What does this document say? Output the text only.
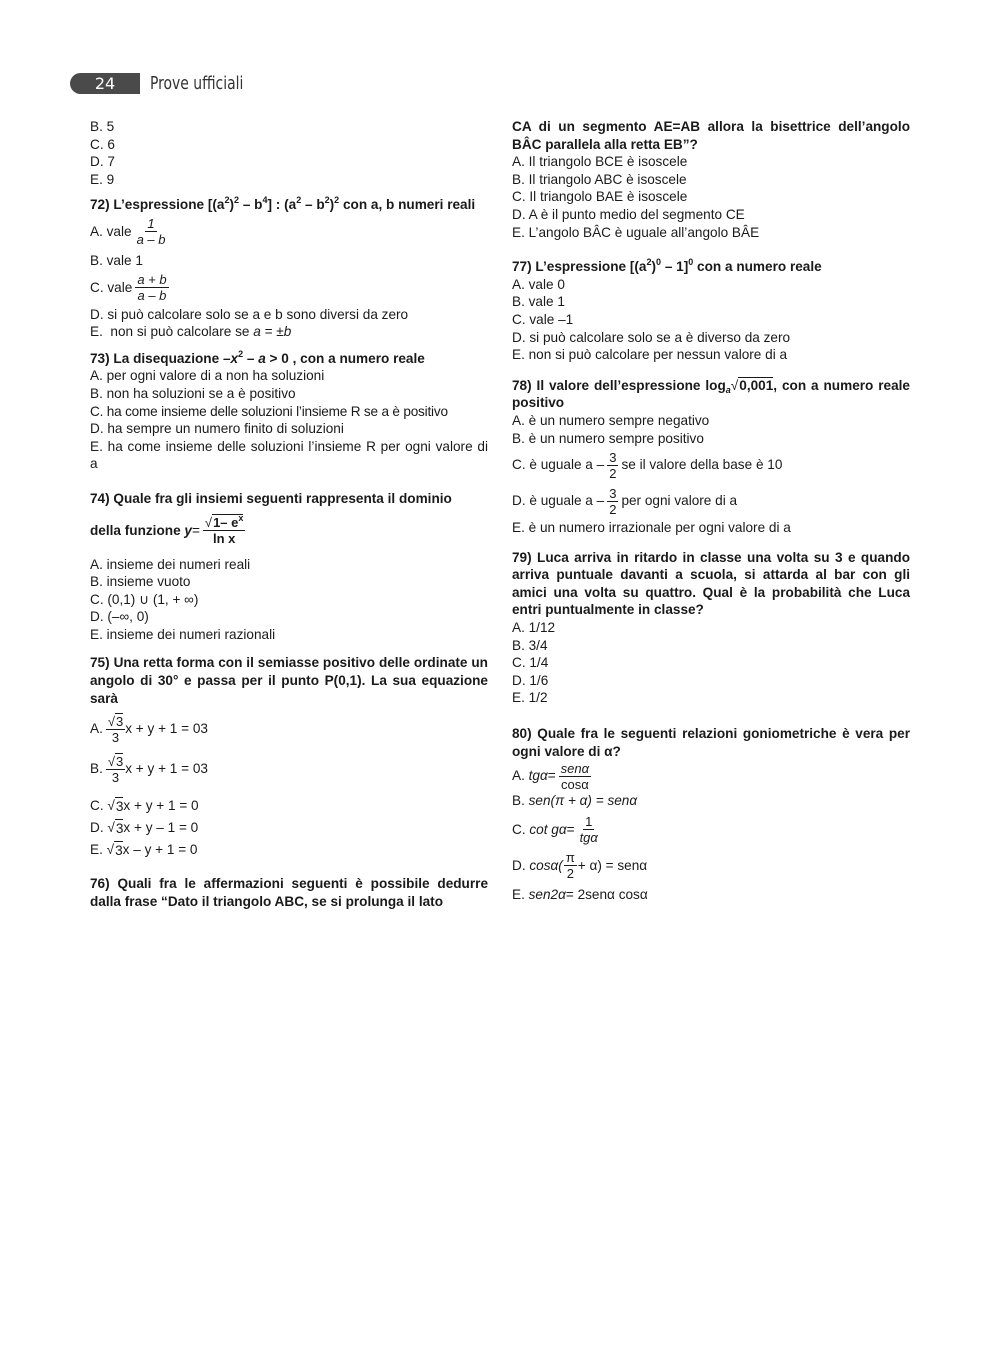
24	Prove ufficiali
B. 5
C. 6
D. 7
E. 9
72) L’espressione $[(a^2)^2 - b^4]$ : $(a^2 - b^2)^2$ con a, b numeri reali
A. vale $\frac{1}{a - b}$
B. vale 1
C. vale $\frac{a + b}{a - b}$
D. si può calcolare solo se a e b sono diversi da zero
E.  non si può calcolare se a = ±b
73) La disequazione $-x^2 - a > 0$ , con a numero reale
A. per ogni valore di a non ha soluzioni
B. non ha soluzioni se a è positivo
C. ha come insieme delle soluzioni l’insieme R se a è positivo
D. ha sempre un numero finito di soluzioni
E. ha come insieme delle soluzioni l’insieme R per ogni valore di a
74) Quale fra gli insiemi seguenti rappresenta il dominio
della funzione $y = \frac{√1- e^x}{\text{ln x}}$
A. insieme dei numeri reali
B. insieme vuoto
C. (0,1) ∪ (1, + ∞)
D. (–∞, 0)
E. insieme dei numeri razionali
75) Una retta forma con il semiasse positivo delle ordinate un angolo di 30° e passa per il punto P(0,1). La sua equazione sarà
A. $\frac{√3}{3}$ x + y + 1 = 03
B. $\frac{√3}{3}$ x + y + 1 = 03
C. √ 3 x + y + 1 = 0
D. √ 3 x + y – 1 = 0
E. √ 3 x – y + 1 = 0
76) Quali fra le affermazioni seguenti è possibile dedurre dalla frase “Dato il triangolo ABC, se si prolunga il lato
CA di un segmento AE=AB allora la bisettrice dell’angolo BÂC parallela alla retta EB”?
A. Il triangolo BCE è isoscele
B. Il triangolo ABC è isoscele
C. Il triangolo BAE è isoscele
D. A è il punto medio del segmento CE
E. L’angolo BÂC è uguale all’angolo BÂE
77) L’espressione $[(a^2)^0 - 1]^0$ con a numero reale
A. vale 0
B. vale 1
C. vale –1
D. si può calcolare solo se a è diverso da zero
E. non si può calcolare per nessun valore di a
78) Il valore dell’espressione $\log_a√0,001$, con a numero reale positivo
A. è un numero sempre negativo
B. è un numero sempre positivo
C. è uguale a – $\frac{3}{2}$ se il valore della base è 10
D. è uguale a – $\frac{3}{2}$ per ogni valore di a
E. è un numero irrazionale per ogni valore di a
79) Luca arriva in ritardo in classe una volta su 3 e quando arriva puntuale davanti a scuola, si attarda al bar con gli amici una volta su quattro. Qual è la probabilità che Luca entri puntualmente in classe?
A. 1/12
B. 3/4
C. 1/4
D. 1/6
E. 1/2
80) Quale fra le seguenti relazioni goniometriche è vera per ogni valore di α?
A.
$tg\alpha = \frac{\text{senα}}{\cos\alpha}$
B.
sen(π + α) = senα
C.
$\cot g\alpha = \frac{1}{\text{tgα}}$
D.
$\cos\alpha( \frac{\pi}{2} + \alpha) = sen\alpha$
E.
sen2α = 2senα cosα
